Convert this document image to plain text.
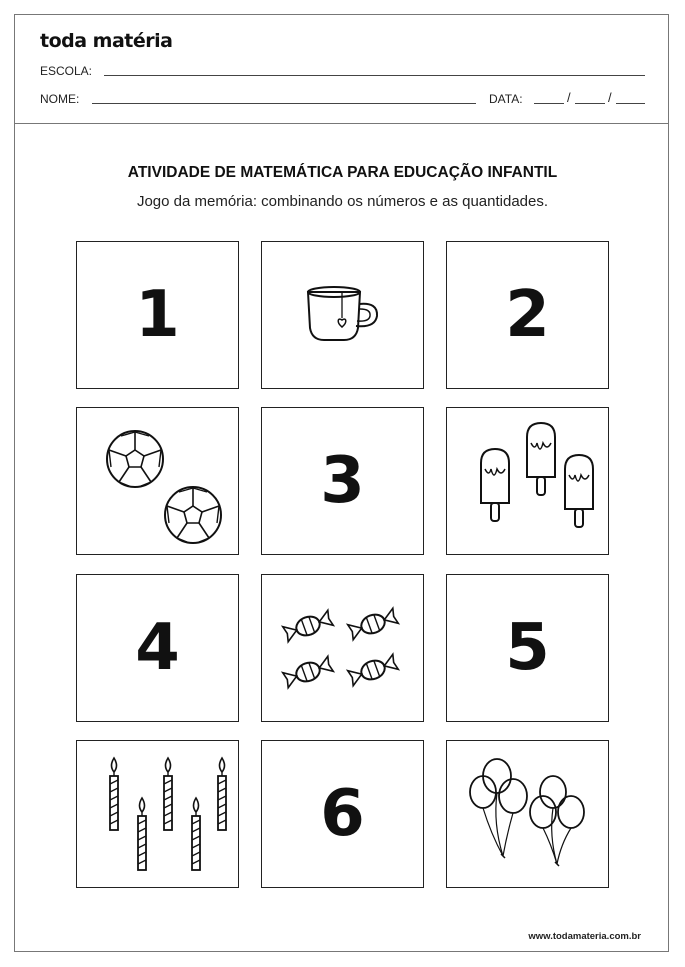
toda matéria
ESCOLA:
NOME:	DATA:	/	/
ATIVIDADE DE MATEMÁTICA PARA EDUCAÇÃO INFANTIL
Jogo da memória: combinando os números e as quantidades.
1	2
3
4	5
6
www.todamateria.com.br
